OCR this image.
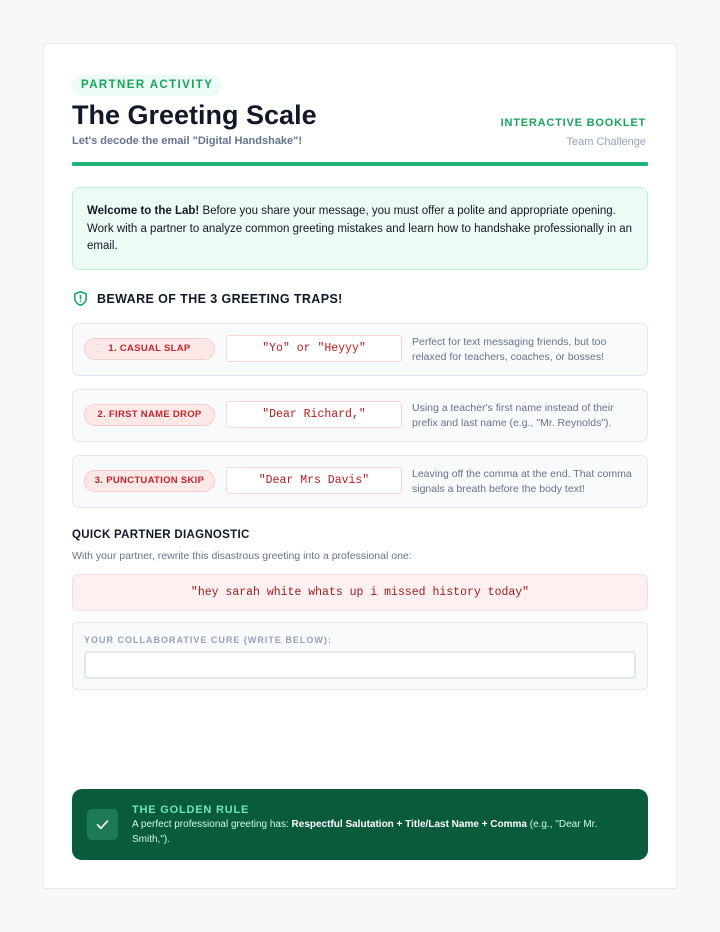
PARTNER ACTIVITY
The Greeting Scale
Let's decode the email "Digital Handshake"!
INTERACTIVE BOOKLET
Team Challenge
Welcome to the Lab! Before you share your message, you must offer a polite and appropriate opening. Work with a partner to analyze common greeting mistakes and learn how to handshake professionally in an email.
BEWARE OF THE 3 GREETING TRAPS!
1. CASUAL SLAP	"Yo" or "Heyyy"	Perfect for text messaging friends, but too relaxed for teachers, coaches, or bosses!
2. FIRST NAME DROP	"Dear Richard,"	Using a teacher's first name instead of their prefix and last name (e.g., "Mr. Reynolds").
3. PUNCTUATION SKIP	"Dear Mrs Davis"	Leaving off the comma at the end. That comma signals a breath before the body text!
QUICK PARTNER DIAGNOSTIC
With your partner, rewrite this disastrous greeting into a professional one:
"hey sarah white whats up i missed history today"
YOUR COLLABORATIVE CURE (WRITE BELOW):
THE GOLDEN RULE
A perfect professional greeting has: Respectful Salutation + Title/Last Name + Comma (e.g., "Dear Mr. Smith,").
